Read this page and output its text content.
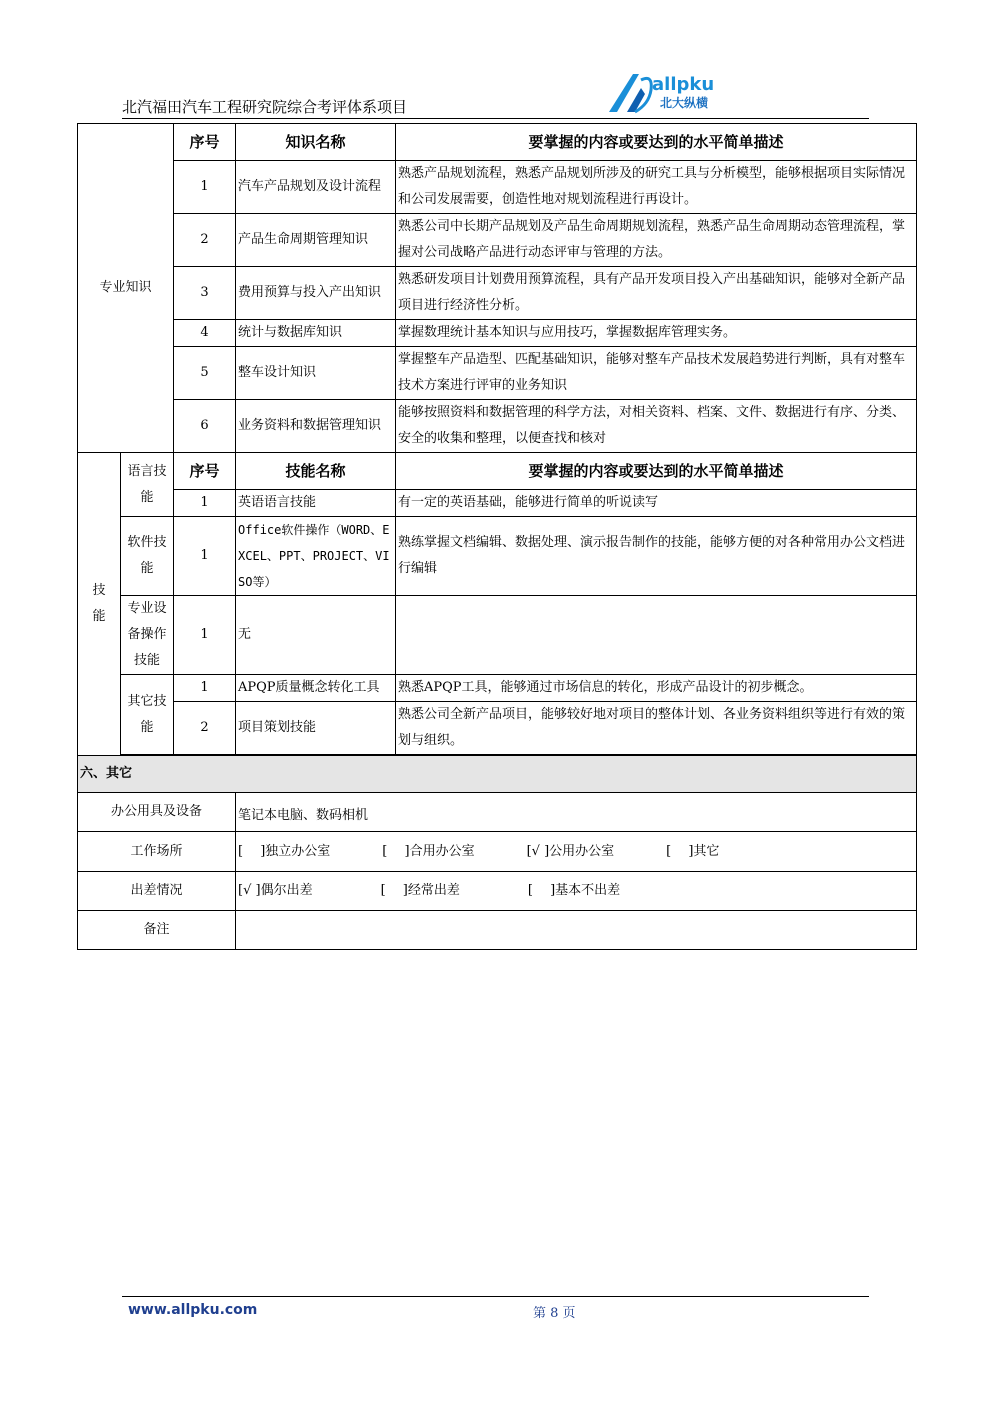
北汽福田汽车工程研究院综合考评体系项目
allpku
北大纵横
专业知识		序号	知识名称	要掌握的内容或要达到的水平简单描述
		1	汽车产品规划及设计流程	熟悉产品规划流程，熟悉产品规划所涉及的研究工具与分析模型，能够根据项目实际情况和公司发展需要，创造性地对规划流程进行再设计。
		2	产品生命周期管理知识	熟悉公司中长期产品规划及产品生命周期规划流程，熟悉产品生命周期动态管理流程，掌握对公司战略产品进行动态评审与管理的方法。
		3	费用预算与投入产出知识	熟悉研发项目计划费用预算流程，具有产品开发项目投入产出基础知识，能够对全新产品项目进行经济性分析。
		4	统计与数据库知识	掌握数理统计基本知识与应用技巧，掌握数据库管理实务。
		5	整车设计知识	掌握整车产品造型、匹配基础知识，能够对整车产品技术发展趋势进行判断，具有对整车技术方案进行评审的业务知识
		6	业务资料和数据管理知识	能够按照资料和数据管理的科学方法，对相关资料、档案、文件、数据进行有序、分类、安全的收集和整理，以便查找和核对
技能	语言技能	序号	技能名称	要掌握的内容或要达到的水平简单描述
		1	英语语言技能	有一定的英语基础，能够进行简单的听说读写
	软件技能	1	Office软件操作（WORD、EXCEL、PPT、PROJECT、VISO等）	熟练掌握文档编辑、数据处理、演示报告制作的技能，能够方便的对各种常用办公文档进行编辑
	专业设备操作技能	1	无	
	其它技能	1	APQP质量概念转化工具	熟悉APQP工具，能够通过市场信息的转化，形成产品设计的初步概念。
		2	项目策划技能	熟悉公司全新产品项目，能够较好地对项目的整体计划、各业务资料组织等进行有效的策划与组织。

六、其它				
办公用具及设备			笔记本电脑、数码相机	
工作场所			[　 ]独立办公室 [　 ]合用办公室 [√ ]公用办公室 [　 ]其它	
出差情况			[√ ]偶尔出差 [　 ]经常出差 [　 ]基本不出差	
备注				
www.allpku.com	第 8 页
